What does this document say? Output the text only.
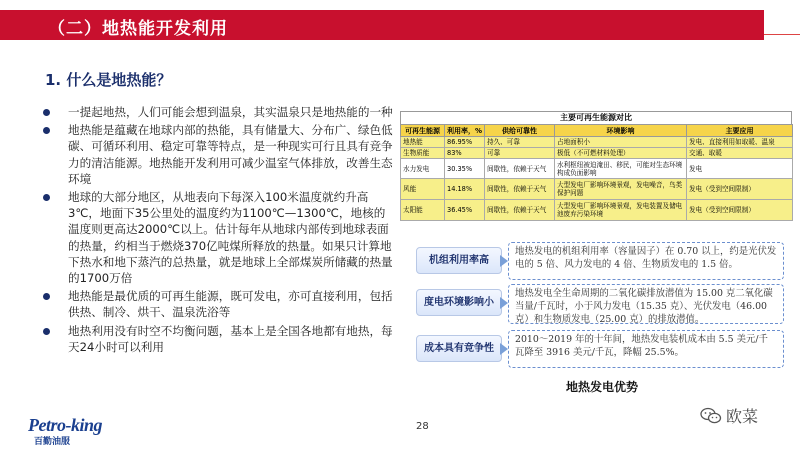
（二）地热能开发利用
1. 什么是地热能？
一提起地热，人们可能会想到温泉，其实温泉只是地热能的一种
地热能是蕴藏在地球内部的热能，具有储量大、分布广、绿色低碳、可循环利用、稳定可靠等特点，是一种现实可行且具有竞争力的清洁能源。地热能开发利用可减少温室气体排放，改善生态环境
地球的大部分地区，从地表向下每深入100米温度就约升高3℃，地面下35公里处的温度约为1100℃—1300℃，地核的温度则更高达2000℃以上。估计每年从地球内部传到地球表面的热量，约相当于燃烧370亿吨煤所释放的热量。如果只计算地下热水和地下蒸汽的总热量，就是地球上全部煤炭所储藏的热量的1700万倍
地热能是最优质的可再生能源，既可发电，亦可直接利用，包括供热、制冷、烘干、温泉洗浴等
地热利用没有时空不均衡问题，基本上是全国各地都有地热，每天24小时可以利用
主要可再生能源对比
可再生能源	利用率，%	供给可靠性	环境影响	主要应用
地热能	86.95%	持久、可靠	占地面积小	发电、直接利用如取暖、温泉
生物质能	83%	可靠	极低（不可燃材料处理）	交通、取暖
水力发电	30.35%	间歇性，依赖于天气	水利枢纽被迫淹田、移民，可能对生态环境构成负面影响	发电
风能	14.18%	间歇性，依赖于天气	大型发电厂影响环境景观，发电噪音，鸟类保护问题	发电（受到空间限制）
太阳能	36.45%	间歇性，依赖于天气	大型发电厂影响环境景观，发电装置及储电池废弃污染环境	发电（受到空间限制）
机组利用率高
地热发电的机组利用率（容量因子）在 0.70 以上，约是光伏发电的 5 倍、风力发电的 4 倍、生物质发电的 1.5 倍。
度电环境影响小
地热发电全生命周期的二氧化碳排放潜值为 15.00 克二氧化碳当量/千瓦时，小于风力发电（15.35 克）、光伏发电（46.00 克）和生物质发电（25.00 克）的排放潜值。
成本具有竞争性
2010～2019 年的十年间，地热发电装机成本由 5.5 美元/千瓦降至 3916 美元/千瓦，降幅 25.5%。
地热发电优势
Petro-king
百勤油服
28
欧菜
